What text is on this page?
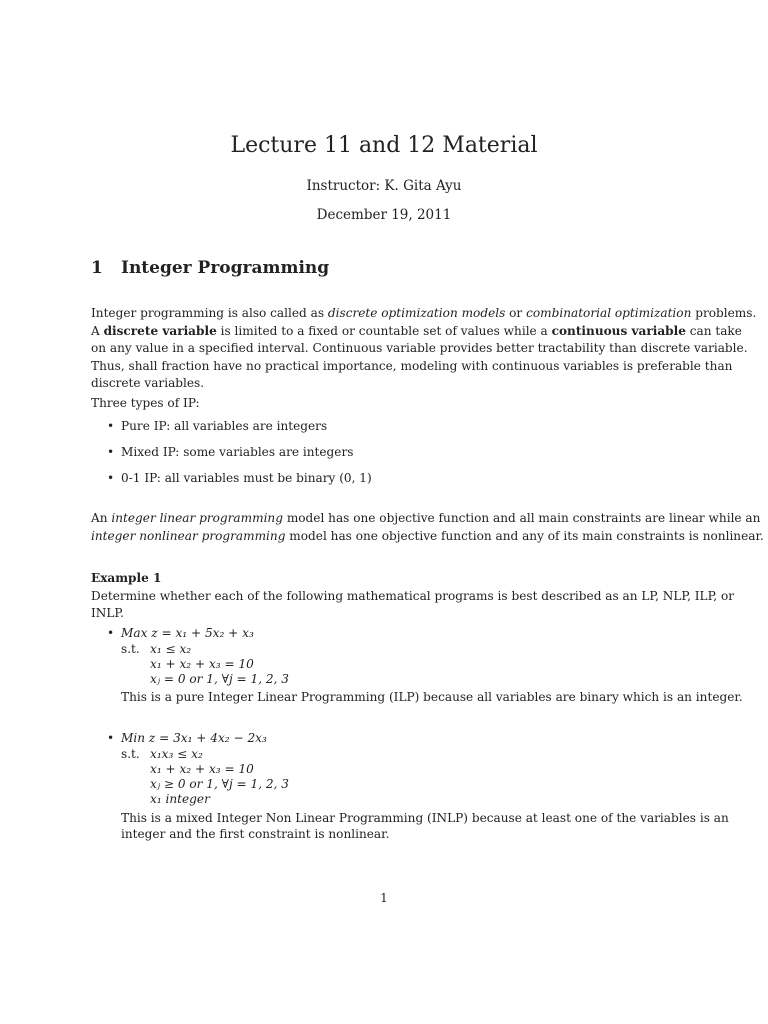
Lecture 11 and 12 Material
Instructor: K. Gita Ayu
December 19, 2011
1 Integer Programming
Integer programming is also called as discrete optimization models or combinatorial optimization problems.
A discrete variable is limited to a fixed or countable set of values while a continuous variable can take
on any value in a specified interval. Continuous variable provides better tractability than discrete variable.
Thus, shall fraction have no practical importance, modeling with continuous variables is preferable than
discrete variables.
Three types of IP:
• Pure IP: all variables are integers
• Mixed IP: some variables are integers
• 0-1 IP: all variables must be binary (0, 1)
An integer linear programming model has one objective function and all main constraints are linear while an
integer nonlinear programming model has one objective function and any of its main constraints is nonlinear.
Example 1
Determine whether each of the following mathematical programs is best described as an LP, NLP, ILP, or
INLP.
• Max z = x₁ + 5x₂ + x₃
s.t. x₁ ≤ x₂
x₁ + x₂ + x₃ = 10
xⱼ = 0 or 1, ∀j = 1, 2, 3
This is a pure Integer Linear Programming (ILP) because all variables are binary which is an integer.
• Min z = 3x₁ + 4x₂ − 2x₃
s.t. x₁x₃ ≤ x₂
x₁ + x₂ + x₃ = 10
xⱼ ≥ 0 or 1, ∀j = 1, 2, 3
x₁ integer
This is a mixed Integer Non Linear Programming (INLP) because at least one of the variables is an
integer and the first constraint is nonlinear.
1
